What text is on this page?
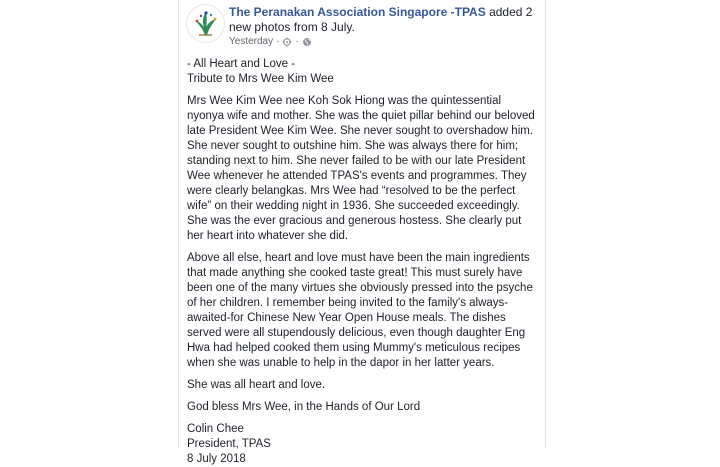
The Peranakan Association Singapore -TPAS added 2 new photos from 8 July.
Yesterday · ·

- All Heart and Love -
Tribute to Mrs Wee Kim Wee

Mrs Wee Kim Wee nee Koh Sok Hiong was the quintessential nyonya wife and mother. She was the quiet pillar behind our beloved late President Wee Kim Wee. She never sought to overshadow him. She never sought to outshine him. She was always there for him; standing next to him. She never failed to be with our late President Wee whenever he attended TPAS's events and programmes. They were clearly belangkas. Mrs Wee had “resolved to be the perfect wife” on their wedding night in 1936. She succeeded exceedingly. She was the ever gracious and generous hostess. She clearly put her heart into whatever she did.

Above all else, heart and love must have been the main ingredients that made anything she cooked taste great! This must surely have been one of the many virtues she obviously pressed into the psyche of her children. I remember being invited to the family's always-awaited-for Chinese New Year Open House meals. The dishes served were all stupendously delicious, even though daughter Eng Hwa had helped cooked them using Mummy's meticulous recipes when she was unable to help in the dapor in her latter years.

She was all heart and love.

God bless Mrs Wee, in the Hands of Our Lord

Colin Chee
President, TPAS
8 July 2018
